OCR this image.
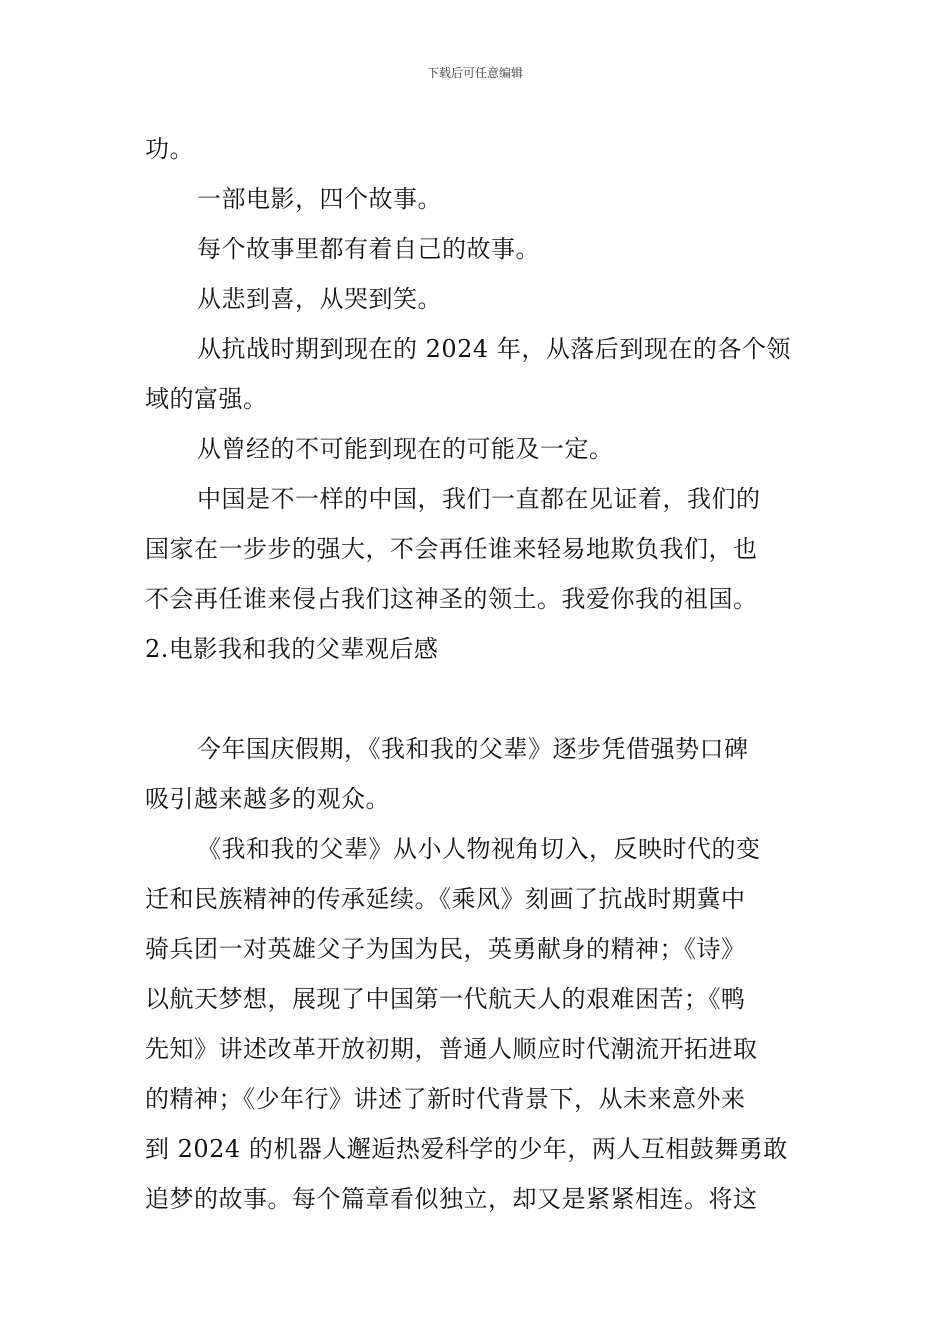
下载后可任意编辑
功。
一部电影，四个故事。
每个故事里都有着自己的故事。
从悲到喜，从哭到笑。
从抗战时期到现在的 2024 年，从落后到现在的各个领
域的富强。
从曾经的不可能到现在的可能及一定。
中国是不一样的中国，我们一直都在见证着，我们的
国家在一步步的强大，不会再任谁来轻易地欺负我们，也
不会再任谁来侵占我们这神圣的领土。我爱你我的祖国。
2.电影我和我的父辈观后感
今年国庆假期，《我和我的父辈》逐步凭借强势口碑
吸引越来越多的观众。
《我和我的父辈》从小人物视角切入，反映时代的变
迁和民族精神的传承延续。《乘风》刻画了抗战时期冀中
骑兵团一对英雄父子为国为民，英勇献身的精神；《诗》
以航天梦想，展现了中国第一代航天人的艰难困苦；《鸭
先知》讲述改革开放初期，普通人顺应时代潮流开拓进取
的精神；《少年行》讲述了新时代背景下，从未来意外来
到 2024 的机器人邂逅热爱科学的少年，两人互相鼓舞勇敢
追梦的故事。每个篇章看似独立，却又是紧紧相连。将这
